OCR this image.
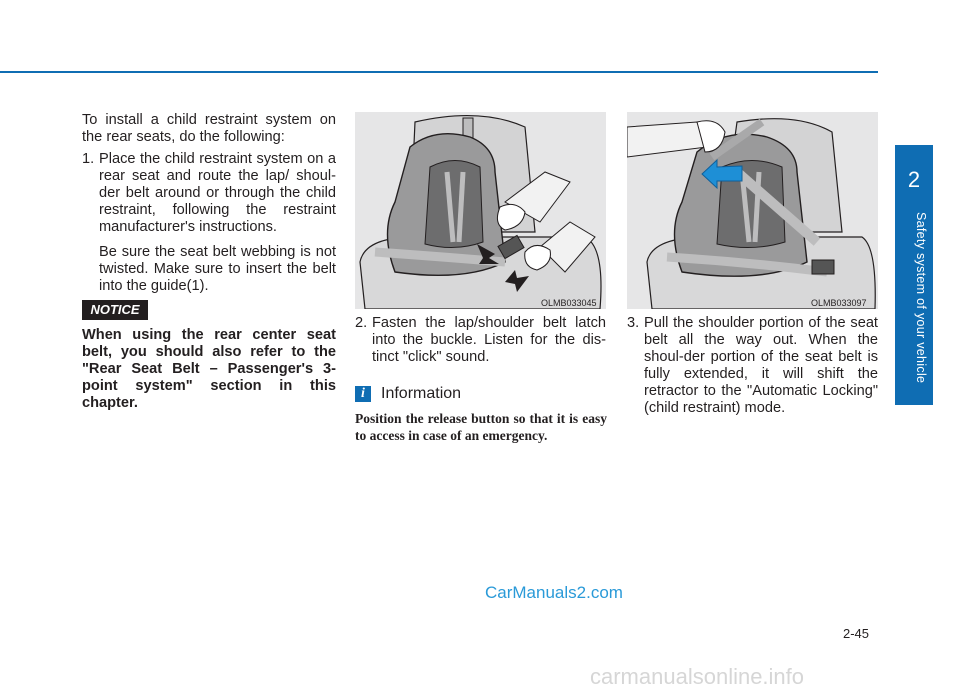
2
Safety system of your vehicle

To install a child restraint system on the rear seats, do the following:

1. Place the child restraint system on a rear seat and route the lap/ shoul-der belt around or through the child restraint, following the restraint manufacturer's instructions.

Be sure the seat belt webbing is not twisted. Make sure to insert the belt into the guide(1).

NOTICE

When using the rear center seat belt, you should also refer to the "Rear Seat Belt – Passenger's 3-point system" section in this chapter.

OLMB033045	OLMB033097
2. Fasten the lap/shoulder belt latch into the buckle. Listen for the dis-tinct "click" sound.
i	Information

Position the release button so that it is easy to access in case of an emergency.

3. Pull the shoulder portion of the seat belt all the way out. When the shoul-der portion of the seat belt is fully extended, it will shift the retractor to the "Automatic Locking" (child restraint) mode.
CarManuals2.com
2-45
carmanualsonline.info
